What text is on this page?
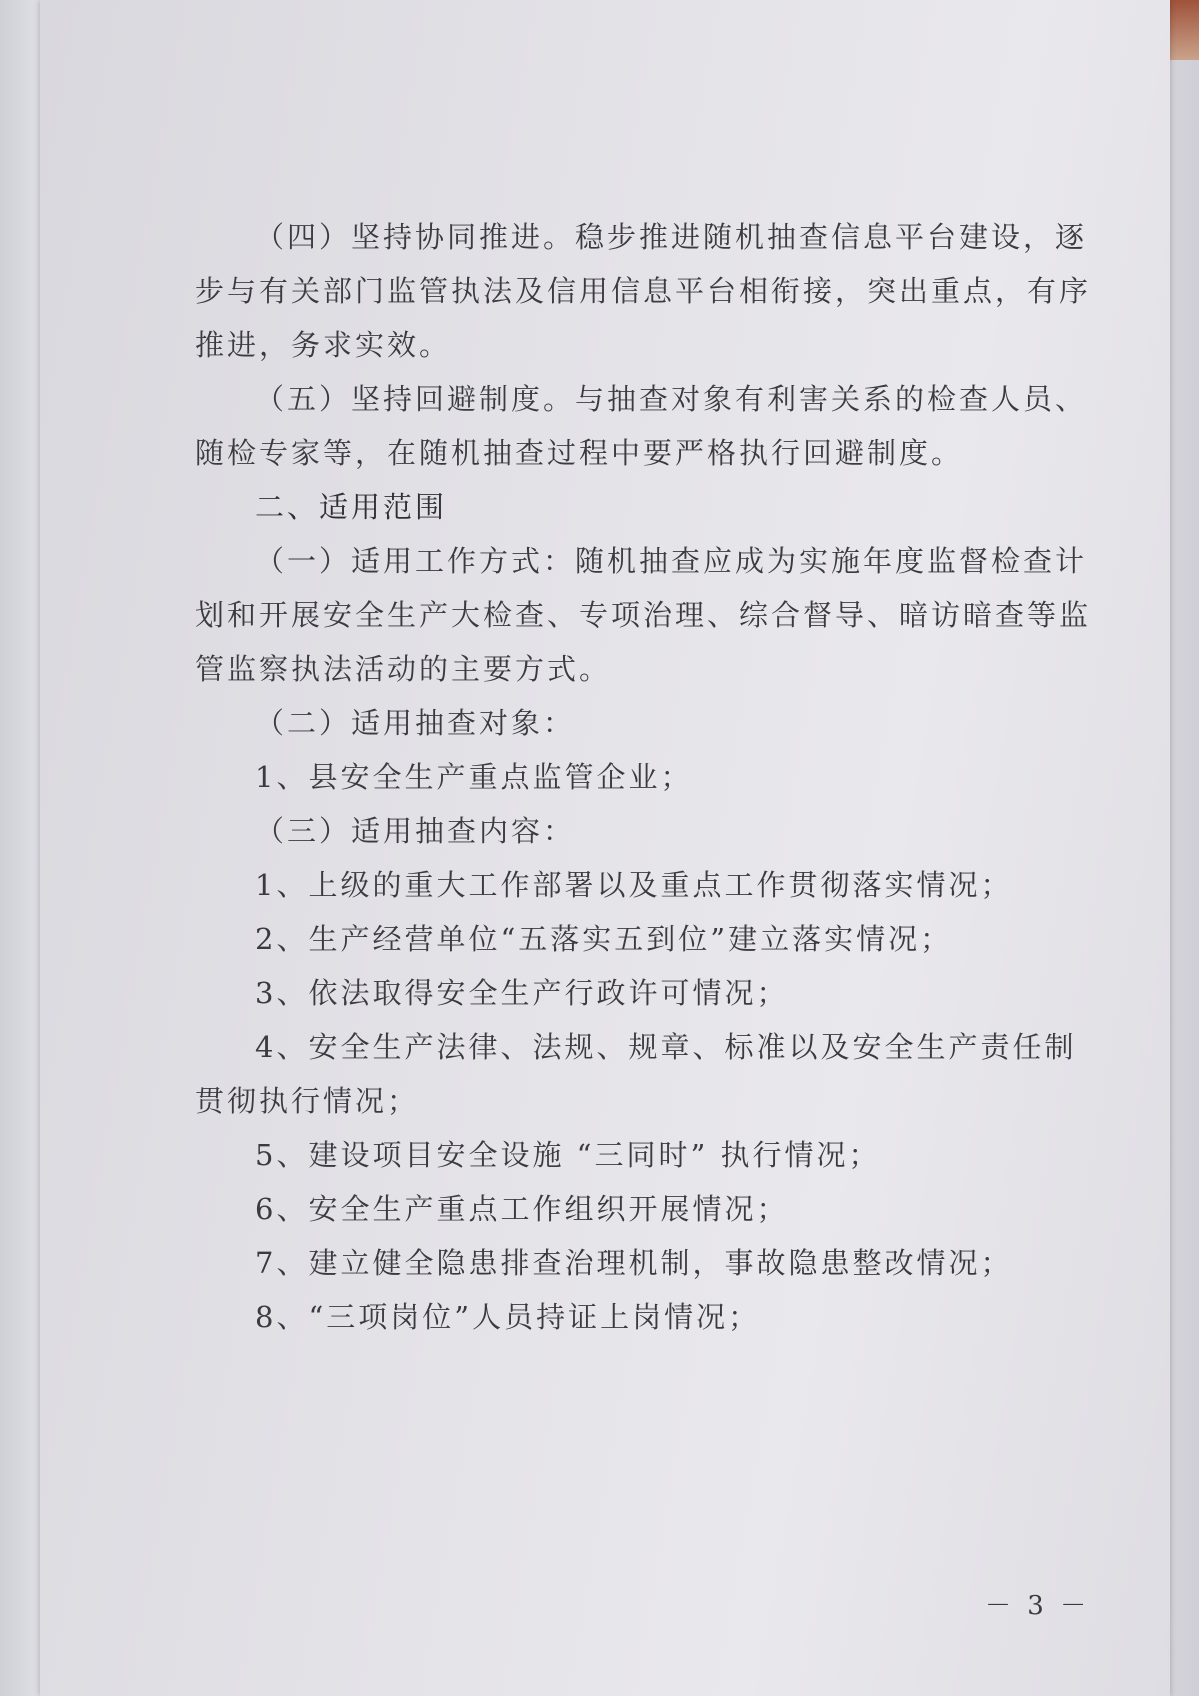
（四）坚持协同推进。稳步推进随机抽查信息平台建设，逐
步与有关部门监管执法及信用信息平台相衔接，突出重点，有序
推进，务求实效。
（五）坚持回避制度。与抽查对象有利害关系的检查人员、
随检专家等，在随机抽查过程中要严格执行回避制度。
二、适用范围
（一）适用工作方式：随机抽查应成为实施年度监督检查计
划和开展安全生产大检查、专项治理、综合督导、暗访暗查等监
管监察执法活动的主要方式。
（二）适用抽查对象：
1、县安全生产重点监管企业；
（三）适用抽查内容：
1、上级的重大工作部署以及重点工作贯彻落实情况；
2、生产经营单位“五落实五到位”建立落实情况；
3、依法取得安全生产行政许可情况；
4、安全生产法律、法规、规章、标准以及安全生产责任制
贯彻执行情况；
5、建设项目安全设施 “三同时” 执行情况；
6、安全生产重点工作组织开展情况；
7、建立健全隐患排查治理机制，事故隐患整改情况；
8、“三项岗位”人员持证上岗情况；
－ 3 －
